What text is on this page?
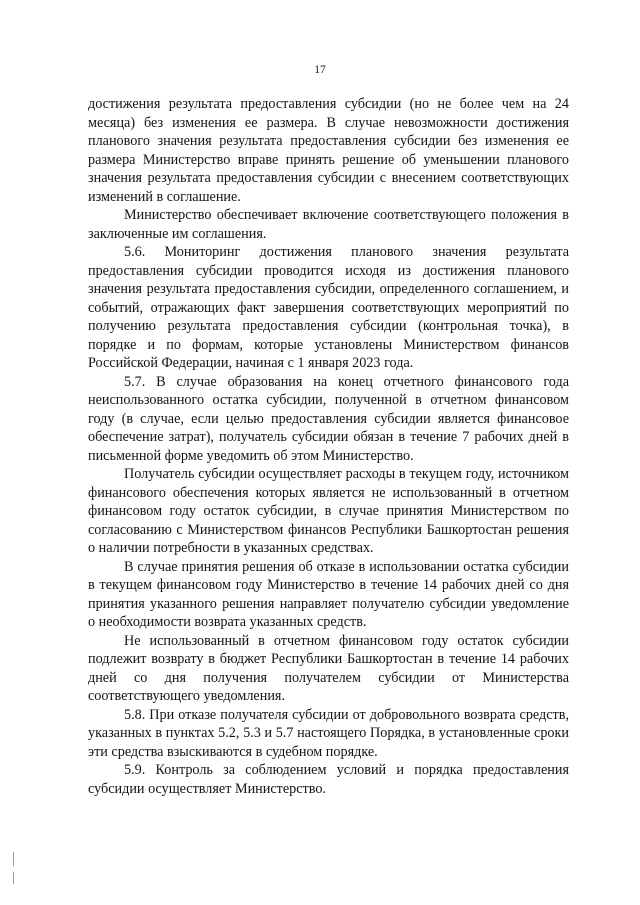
17

достижения результата предоставления субсидии (но не более чем на 24 месяца) без изменения ее размера. В случае невозможности достижения планового значения результата предоставления субсидии без изменения ее размера Министерство вправе принять решение об уменьшении планового значения результата предоставления субсидии с внесением соответствующих изменений в соглашение.

Министерство обеспечивает включение соответствующего положения в заключенные им соглашения.

5.6. Мониторинг достижения планового значения результата предоставления субсидии проводится исходя из достижения планового значения результата предоставления субсидии, определенного соглашением, и событий, отражающих факт завершения соответствующих мероприятий по получению результата предоставления субсидии (контрольная точка), в порядке и по формам, которые установлены Министерством финансов Российской Федерации, начиная с 1 января 2023 года.

5.7. В случае образования на конец отчетного финансового года неиспользованного остатка субсидии, полученной в отчетном финансовом году (в случае, если целью предоставления субсидии является финансовое обеспечение затрат), получатель субсидии обязан в течение 7 рабочих дней в письменной форме уведомить об этом Министерство.

Получатель субсидии осуществляет расходы в текущем году, источником финансового обеспечения которых является не использованный в отчетном финансовом году остаток субсидии, в случае принятия Министерством по согласованию с Министерством финансов Республики Башкортостан решения о наличии потребности в указанных средствах.

В случае принятия решения об отказе в использовании остатка субсидии в текущем финансовом году Министерство в течение 14 рабочих дней со дня принятия указанного решения направляет получателю субсидии уведомление о необходимости возврата указанных средств.

Не использованный в отчетном финансовом году остаток субсидии подлежит возврату в бюджет Республики Башкортостан в течение 14 рабочих дней со дня получения получателем субсидии от Министерства соответствующего уведомления.

5.8. При отказе получателя субсидии от добровольного возврата средств, указанных в пунктах 5.2, 5.3 и 5.7 настоящего Порядка, в установленные сроки эти средства взыскиваются в судебном порядке.

5.9. Контроль за соблюдением условий и порядка предоставления субсидии осуществляет Министерство.
